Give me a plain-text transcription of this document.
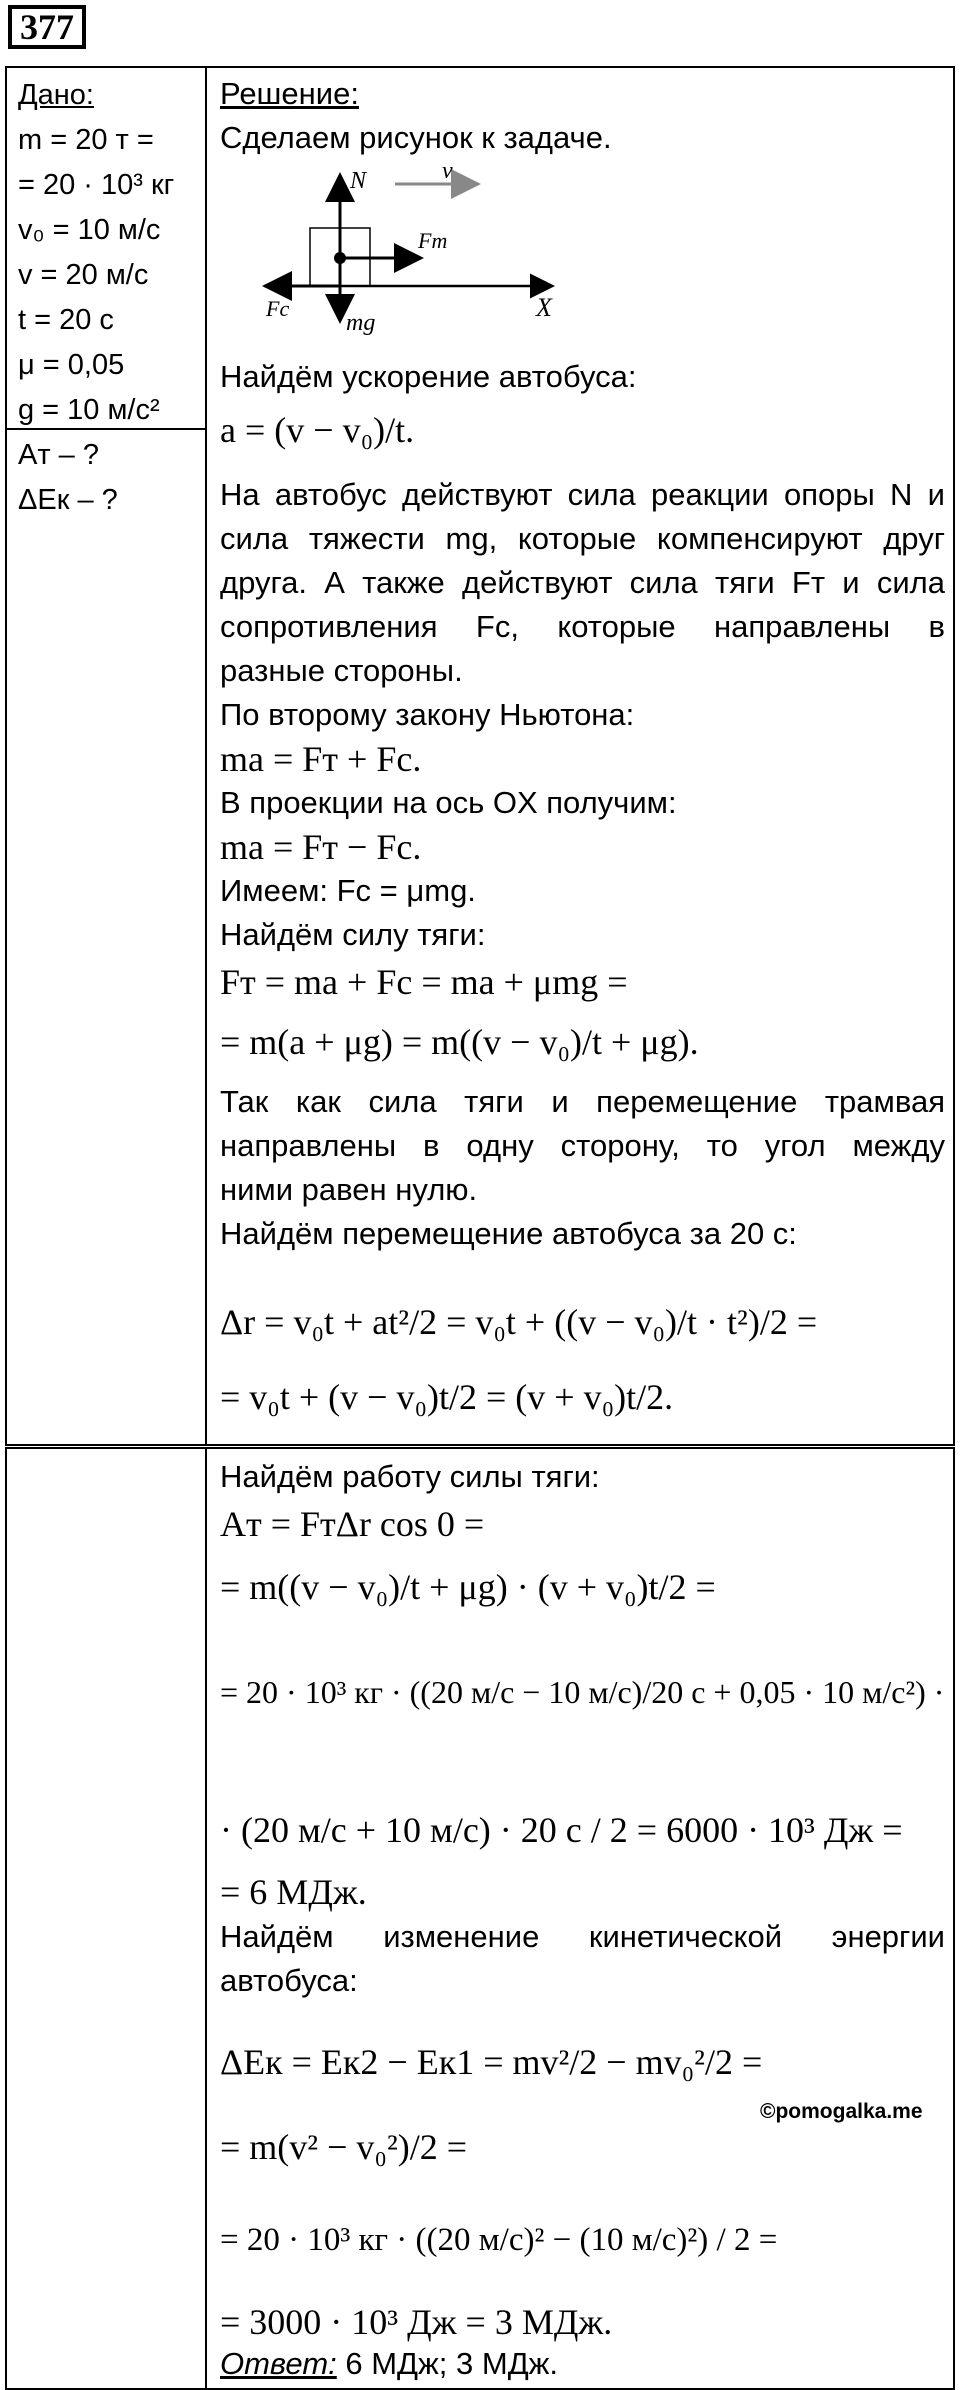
377
Дано:
m = 20 т =
= 20 · 10³ кг
v₀ = 10 м/с
v = 20 м/с
t = 20 с
μ = 0,05
g = 10 м/с²
Aт – ?
ΔEк – ?
Решение:
Сделаем рисунок к задаче.
N	v
Fт
Fс
mg
X
Найдём ускорение автобуса:
a = (v − v₀)/t.
На автобус действуют сила реакции опоры N и
сила тяжести mg, которые компенсируют друг
друга. А также действуют сила тяги Fт и сила
сопротивления Fс, которые направлены в
разные стороны.
По второму закону Ньютона:
ma = Fт + Fс.
В проекции на ось OX получим:
ma = Fт − Fс.
Имеем: Fс = μmg.
Найдём силу тяги:
Fт = ma + Fс = ma + μmg =
= m(a + μg) = m((v − v₀)/t + μg).
Так как сила тяги и перемещение трамвая
направлены в одну сторону, то угол между
ними равен нулю.
Найдём перемещение автобуса за 20 с:
Δr = v₀t + at²/2 = v₀t + ((v − v₀)/t · t²)/2 =
= v₀t + (v − v₀)t/2 = (v + v₀)t/2.
Найдём работу силы тяги:
Aт = FтΔr cos 0 =
= m((v − v₀)/t + μg) · (v + v₀)t/2 =
= 20 · 10³ кг · ((20 м/с − 10 м/с)/20 с + 0,05 · 10 м/с²) ·
· (20 м/с + 10 м/с) · 20 с / 2 = 6000 · 10³ Дж =
= 6 МДж.
Найдём изменение кинетической энергии
автобуса:
ΔEк = Eк2 − Eк1 = mv²/2 − mv₀²/2 =
= m(v² − v₀²)/2 =
= 20 · 10³ кг · ((20 м/с)² − (10 м/с)²) / 2 =
= 3000 · 10³ Дж = 3 МДж.
©pomogalka.me
Ответ: 6 МДж; 3 МДж.
